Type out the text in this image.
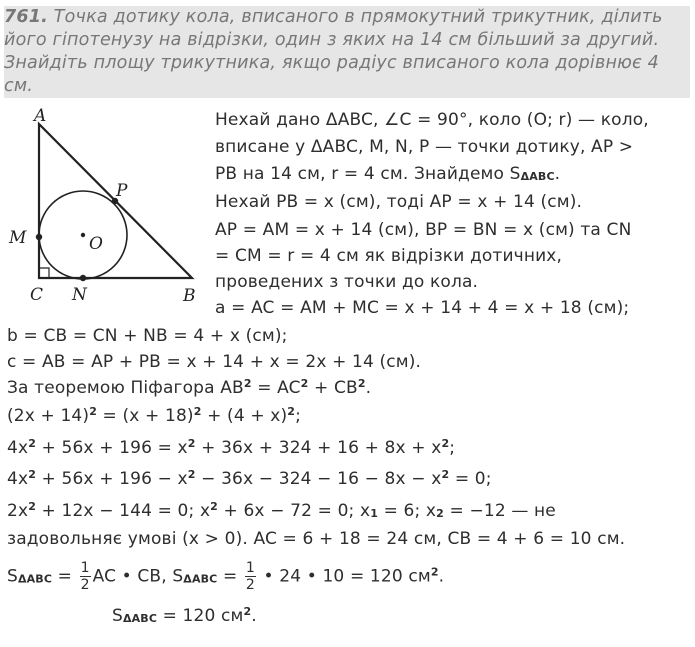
761. Точка дотику кола, вписаного в прямокутний трикутник, ділить
його гіпотенузу на відрізки, один з яких на 14 см більший за другий.
Знайдіть площу трикутника, якщо радіус вписаного кола дорівнює 4
см.
A
B
C
M
N
P
O
Нехай дано ΔABC, ∠C = 90°, коло (O; r) — коло,
вписане у ΔABC, M, N, P — точки дотику, AP >
PB на 14 см, r = 4 см. Знайдемо $S_{\Delta ABC}$.
Нехай PB = x (см), тоді AP = x + 14 (см).
AP = AM = x + 14 (см), BP = BN = x (см) та CN
= CM = r = 4 см як відрізки дотичних,
проведених з точки до кола.
a = AC = AM + MC = x + 14 + 4 = x + 18 (см);
b = CB = CN + NB = 4 + x (см);
c = AB = AP + PB = x + 14 + x = 2x + 14 (см).
За теоремою Піфагора $AB^2 = AC^2 + CB^2$.
$(2x + 14)^2 = (x + 18)^2 + (4 + x)^2$;
$4x^2 + 56x + 196 = x^2 + 36x + 324 + 16 + 8x + x^2$;
$4x^2 + 56x + 196 - x^2 - 36x - 324 - 16 - 8x - x^2 = 0$;
$2x^2 + 12x - 144 = 0$; $x^2 + 6x - 72 = 0$; $x_1 = 6$; $x_2 = -12$ — не
задовольняє умові (x > 0). AC = 6 + 18 = 24 см, CB = 4 + 6 = 10 см.
$S_{\Delta ABC} = \frac{1}{2}$ AC • CB, $S_{\Delta ABC} = \frac{1}{2}$ • 24 • 10 = 120 $см^2$.
$S_{\Delta ABC} = 120$ $см^2$.
